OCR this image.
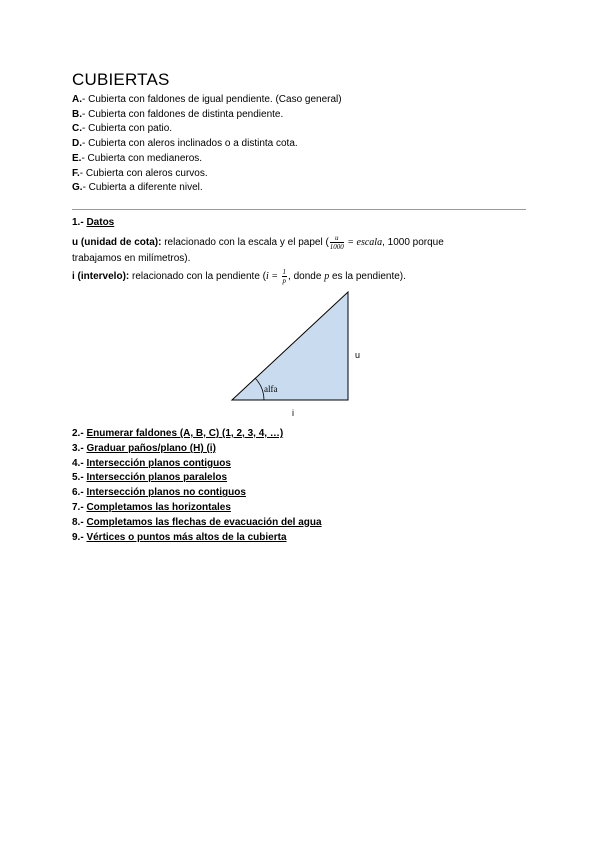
CUBIERTAS
A.- Cubierta con faldones de igual pendiente. (Caso general)
B.- Cubierta con faldones de distinta pendiente.
C.- Cubierta con patio.
D.- Cubierta con aleros inclinados o a distinta cota.
E.- Cubierta con medianeros.
F.- Cubierta con aleros curvos.
G.- Cubierta a diferente nivel.
1.- Datos
u (unidad de cota): relacionado con la escala y el papel ( $\frac{u}{1000}$ = escala, 1000 porque
trabajamos en milímetros).
i (intervelo): relacionado con la pendiente ($i = \frac{1}{p}$ , donde p es la pendiente).
alfa
u
i
2.- Enumerar faldones (A, B, C) (1, 2, 3, 4, …)
3.- Graduar paños/plano (H) (i)
4.- Intersección planos contiguos
5.- Intersección planos paralelos
6.- Intersección planos no contiguos
7.- Completamos las horizontales
8.- Completamos las flechas de evacuación del agua
9.- Vértices o puntos más altos de la cubierta
